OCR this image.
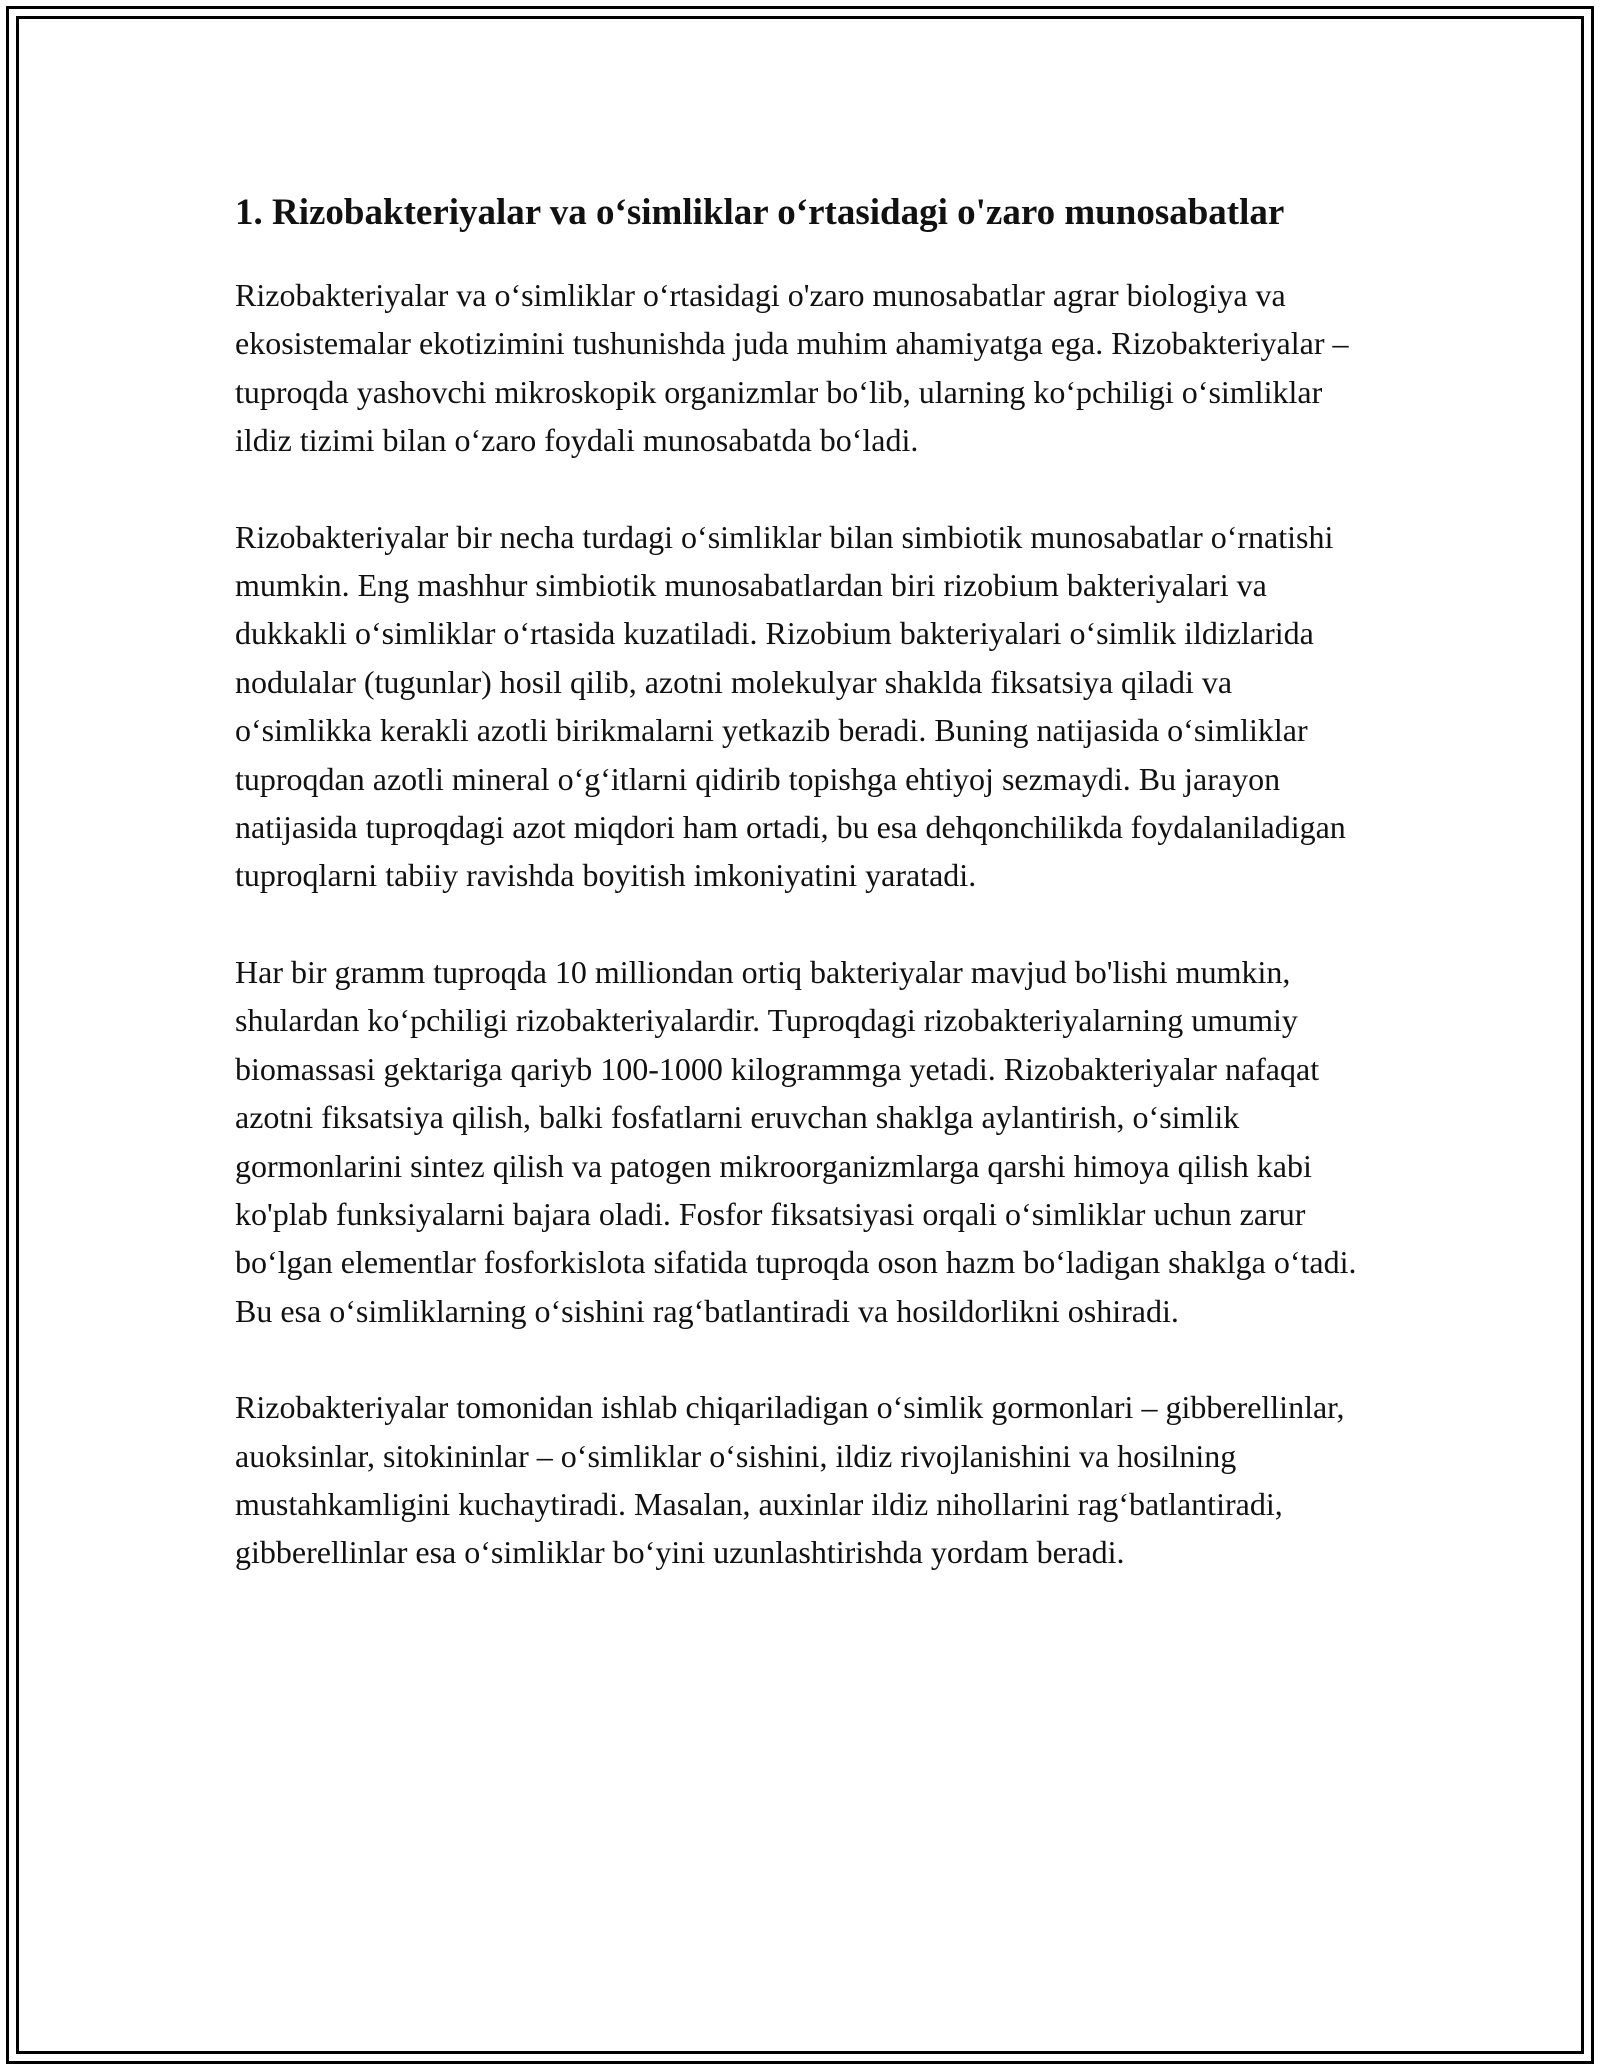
1. Rizobakteriyalar va o‘simliklar o‘rtasidagi o'zaro munosabatlar

Rizobakteriyalar va o‘simliklar o‘rtasidagi o'zaro munosabatlar agrar biologiya va ekosistemalar ekotizimini tushunishda juda muhim ahamiyatga ega. Rizobakteriyalar – tuproqda yashovchi mikroskopik organizmlar bo‘lib, ularning ko‘pchiligi o‘simliklar ildiz tizimi bilan o‘zaro foydali munosabatda bo‘ladi.

Rizobakteriyalar bir necha turdagi o‘simliklar bilan simbiotik munosabatlar o‘rnatishi mumkin. Eng mashhur simbiotik munosabatlardan biri rizobium bakteriyalari va dukkakli o‘simliklar o‘rtasida kuzatiladi. Rizobium bakteriyalari o‘simlik ildizlarida nodulalar (tugunlar) hosil qilib, azotni molekulyar shaklda fiksatsiya qiladi va o‘simlikka kerakli azotli birikmalarni yetkazib beradi. Buning natijasida o‘simliklar tuproqdan azotli mineral o‘g‘itlarni qidirib topishga ehtiyoj sezmaydi. Bu jarayon natijasida tuproqdagi azot miqdori ham ortadi, bu esa dehqonchilikda foydalaniladigan tuproqlarni tabiiy ravishda boyitish imkoniyatini yaratadi.

Har bir gramm tuproqda 10 milliondan ortiq bakteriyalar mavjud bo'lishi mumkin, shulardan ko‘pchiligi rizobakteriyalardir. Tuproqdagi rizobakteriyalarning umumiy biomassasi gektariga qariyb 100-1000 kilogrammga yetadi. Rizobakteriyalar nafaqat azotni fiksatsiya qilish, balki fosfatlarni eruvchan shaklga aylantirish, o‘simlik gormonlarini sintez qilish va patogen mikroorganizmlarga qarshi himoya qilish kabi ko'plab funksiyalarni bajara oladi. Fosfor fiksatsiyasi orqali o‘simliklar uchun zarur bo‘lgan elementlar fosforkislota sifatida tuproqda oson hazm bo‘ladigan shaklga o‘tadi. Bu esa o‘simliklarning o‘sishini rag‘batlantiradi va hosildorlikni oshiradi.

Rizobakteriyalar tomonidan ishlab chiqariladigan o‘simlik gormonlari – gibberellinlar, auoksinlar, sitokininlar – o‘simliklar o‘sishini, ildiz rivojlanishini va hosilning mustahkamligini kuchaytiradi. Masalan, auxinlar ildiz nihollarini rag‘batlantiradi, gibberellinlar esa o‘simliklar bo‘yini uzunlashtirishda yordam beradi.
